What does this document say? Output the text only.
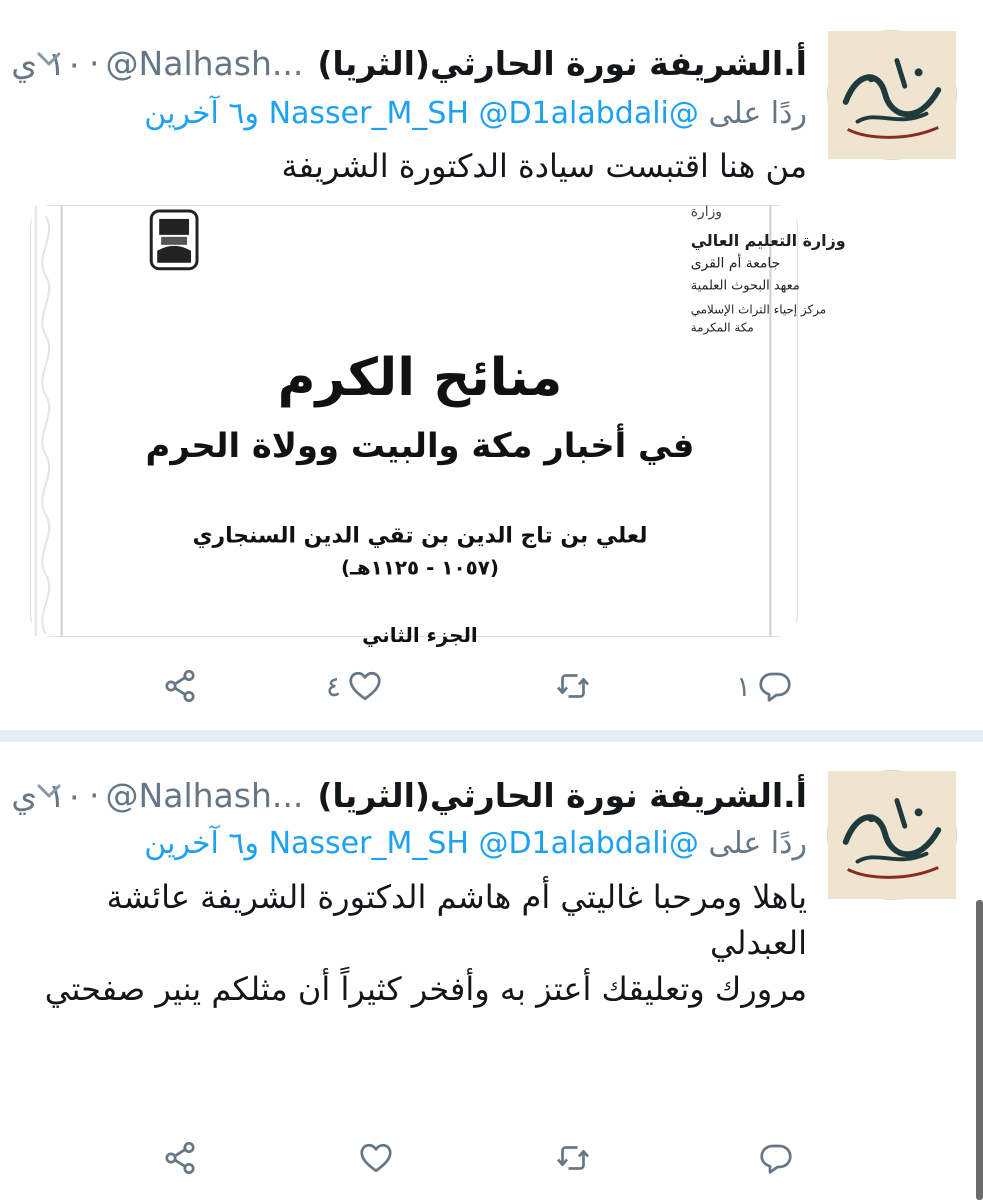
أ.الشريفة نورة الحارثي(الثريا)
@Nalhash...
·
١٠ ي
ردًا على @Nasser_M_SH @D1alabdali و٦ آخرين

من هنا اقتبست سيادة الدكتورة الشريفة

وزارة
وزارة التعليم العالي
جامعة أم القرى
معهد البحوث العلمية
مركز إحياء التراث الإسلامي
مكة المكرمة
منائح الكرم
في أخبار مكة والبيت وولاة الحرم
لعلي بن تاج الدين بن تقي الدين السنجاري
(١٠٥٧ - ١١٢٥هـ)
الجزء الثاني
٤	١
أ.الشريفة نورة الحارثي(الثريا)
@Nalhash...
·
١٠ ي
ردًا على @Nasser_M_SH @D1alabdali و٦ آخرين

ياهلا ومرحبا غاليتي أم هاشم الدكتورة الشريفة عائشة العبدلي

مرورك وتعليقك أعتز به وأفخر كثيراً أن مثلكم ينير صفحتي
